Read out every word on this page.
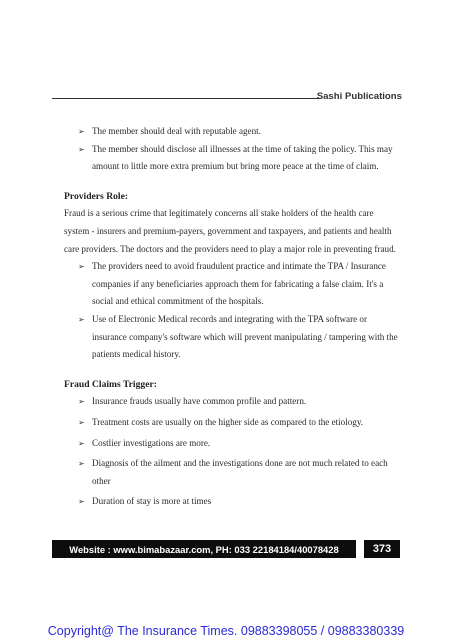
Sashi Publications
➢ The member should deal with reputable agent.
➢ The member should disclose all illnesses at the time of taking the policy. This may amount to little more extra premium but bring more peace at the time of claim.
Providers Role:
Fraud is a serious crime that legitimately concerns all stake holders of the health care system - insurers and premium-payers, government and taxpayers, and patients and health care providers. The doctors and the providers need to play a major role in preventing fraud.
➢ The providers need to avoid fraudulent practice and intimate the TPA / Insurance companies if any beneficiaries approach them for fabricating a false claim. It's a social and ethical commitment of the hospitals.
➢ Use of Electronic Medical records and integrating with the TPA software or insurance company's software which will prevent manipulating / tampering with the patients medical history.
Fraud Claims Trigger:
➢ Insurance frauds usually have common profile and pattern.
➢ Treatment costs are usually on the higher side as compared to the etiology.
➢ Costlier investigations are more.
➢ Diagnosis of the ailment and the investigations done are not much related to each other
➢ Duration of stay is more at times
Website : www.bimabazaar.com, PH: 033 22184184/40078428	373
Copyright@ The Insurance Times. 09883398055 / 09883380339
